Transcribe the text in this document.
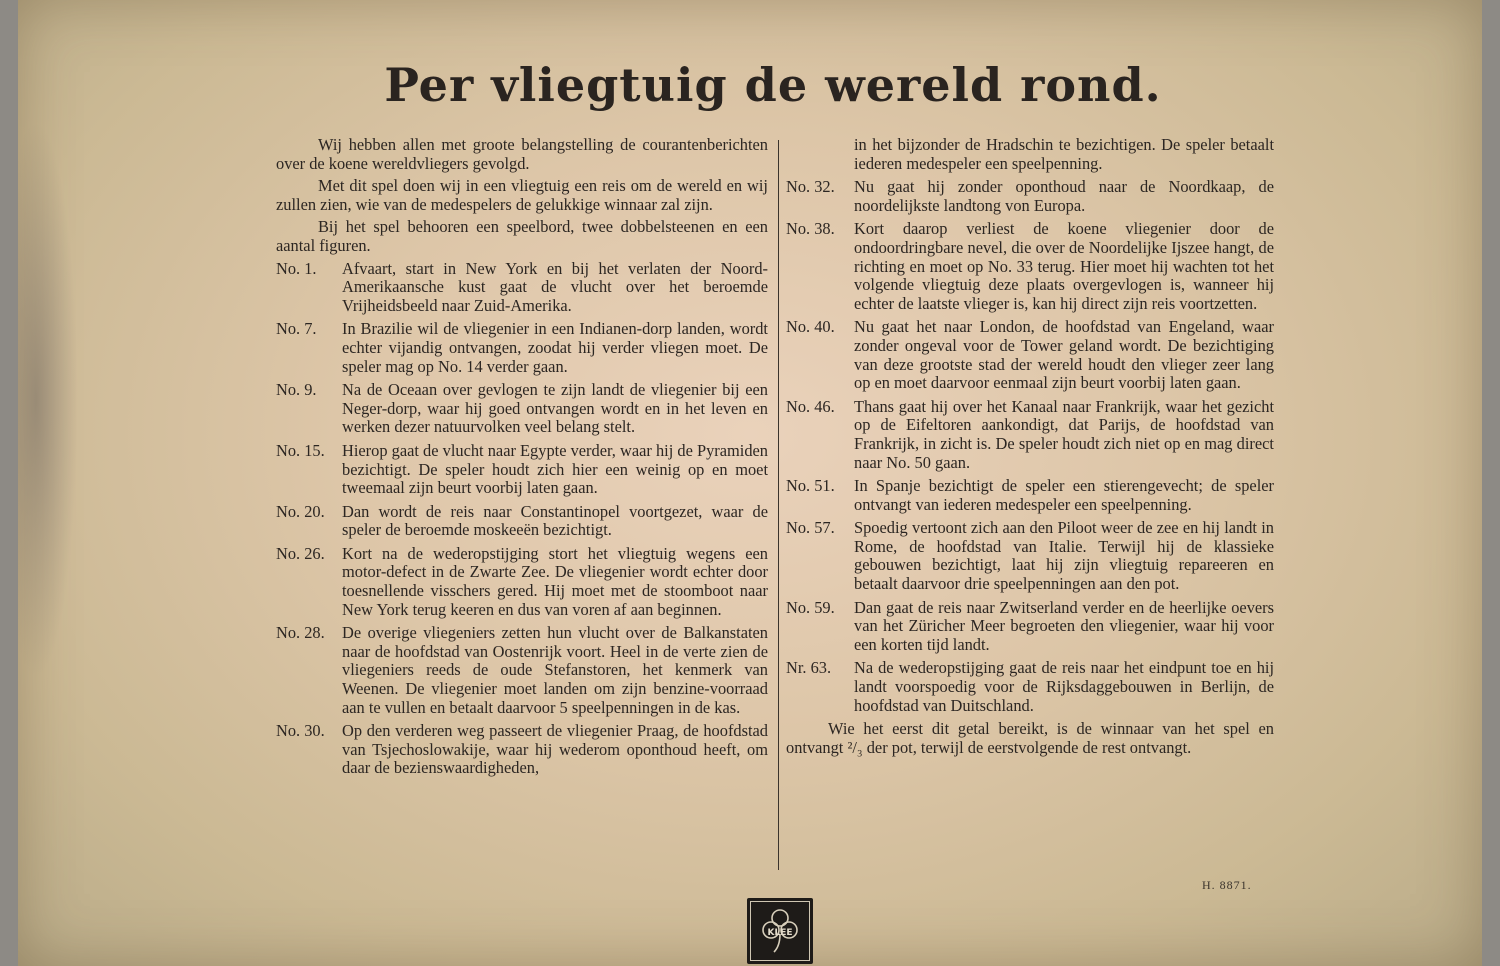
Per vliegtuig de wereld rond.

Wij hebben allen met groote belangstelling de courantenberichten over de koene wereldvliegers gevolgd.

Met dit spel doen wij in een vliegtuig een reis om de wereld en wij zullen zien, wie van de medespelers de gelukkige winnaar zal zijn.

Bij het spel behooren een speelbord, twee dobbelsteenen en een aantal figuren.

No. 1.	Afvaart, start in New York en bij het verlaten der Noord-Amerikaansche kust gaat de vlucht over het beroemde Vrijheidsbeeld naar Zuid-Amerika.
No. 7.	In Brazilie wil de vliegenier in een Indianen-dorp landen, wordt echter vijandig ontvangen, zoodat hij verder vliegen moet. De speler mag op No. 14 verder gaan.
No. 9.	Na de Oceaan over gevlogen te zijn landt de vliegenier bij een Neger-dorp, waar hij goed ontvangen wordt en in het leven en werken dezer natuurvolken veel belang stelt.
No. 15.	Hierop gaat de vlucht naar Egypte verder, waar hij de Pyramiden bezichtigt. De speler houdt zich hier een weinig op en moet tweemaal zijn beurt voorbij laten gaan.
No. 20.	Dan wordt de reis naar Constantinopel voortgezet, waar de speler de beroemde moskeeën bezichtigt.
No. 26.	Kort na de wederopstijging stort het vliegtuig wegens een motor-defect in de Zwarte Zee. De vliegenier wordt echter door toesnellende visschers gered. Hij moet met de stoomboot naar New York terug keeren en dus van voren af aan beginnen.
No. 28.	De overige vliegeniers zetten hun vlucht over de Balkanstaten naar de hoofdstad van Oostenrijk voort. Heel in de verte zien de vliegeniers reeds de oude Stefanstoren, het kenmerk van Weenen. De vliegenier moet landen om zijn benzine-voorraad aan te vullen en betaalt daarvoor 5 speelpenningen in de kas.
No. 30.	Op den verderen weg passeert de vliegenier Praag, de hoofdstad van Tsjechoslowakije, waar hij wederom oponthoud heeft, om daar de bezienswaardigheden,
in het bijzonder de Hradschin te bezichtigen. De speler betaalt iederen medespeler een speelpenning.
No. 32.	Nu gaat hij zonder oponthoud naar de Noordkaap, de noordelijkste landtong von Europa.
No. 38.	Kort daarop verliest de koene vliegenier door de ondoordringbare nevel, die over de Noordelijke Ijszee hangt, de richting en moet op No. 33 terug. Hier moet hij wachten tot het volgende vliegtuig deze plaats overgevlogen is, wanneer hij echter de laatste vlieger is, kan hij direct zijn reis voortzetten.
No. 40.	Nu gaat het naar London, de hoofdstad van Engeland, waar zonder ongeval voor de Tower geland wordt. De bezichtiging van deze grootste stad der wereld houdt den vlieger zeer lang op en moet daarvoor eenmaal zijn beurt voorbij laten gaan.
No. 46.	Thans gaat hij over het Kanaal naar Frankrijk, waar het gezicht op de Eifeltoren aankondigt, dat Parijs, de hoofdstad van Frankrijk, in zicht is. De speler houdt zich niet op en mag direct naar No. 50 gaan.
No. 51.	In Spanje bezichtigt de speler een stierengevecht; de speler ontvangt van iederen medespeler een speelpenning.
No. 57.	Spoedig vertoont zich aan den Piloot weer de zee en hij landt in Rome, de hoofdstad van Italie. Terwijl hij de klassieke gebouwen bezichtigt, laat hij zijn vliegtuig repareeren en betaalt daarvoor drie speelpenningen aan den pot.
No. 59.	Dan gaat de reis naar Zwitserland verder en de heerlijke oevers van het Züricher Meer begroeten den vliegenier, waar hij voor een korten tijd landt.
Nr. 63.	Na de wederopstijging gaat de reis naar het eindpunt toe en hij landt voorspoedig voor de Rijksdaggebouwen in Berlijn, de hoofdstad van Duitschland.

Wie het eerst dit getal bereikt, is de winnaar van het spel en ontvangt ²/₃ der pot, terwijl de eerstvolgende de rest ontvangt.

H. 8871.
KLEE
